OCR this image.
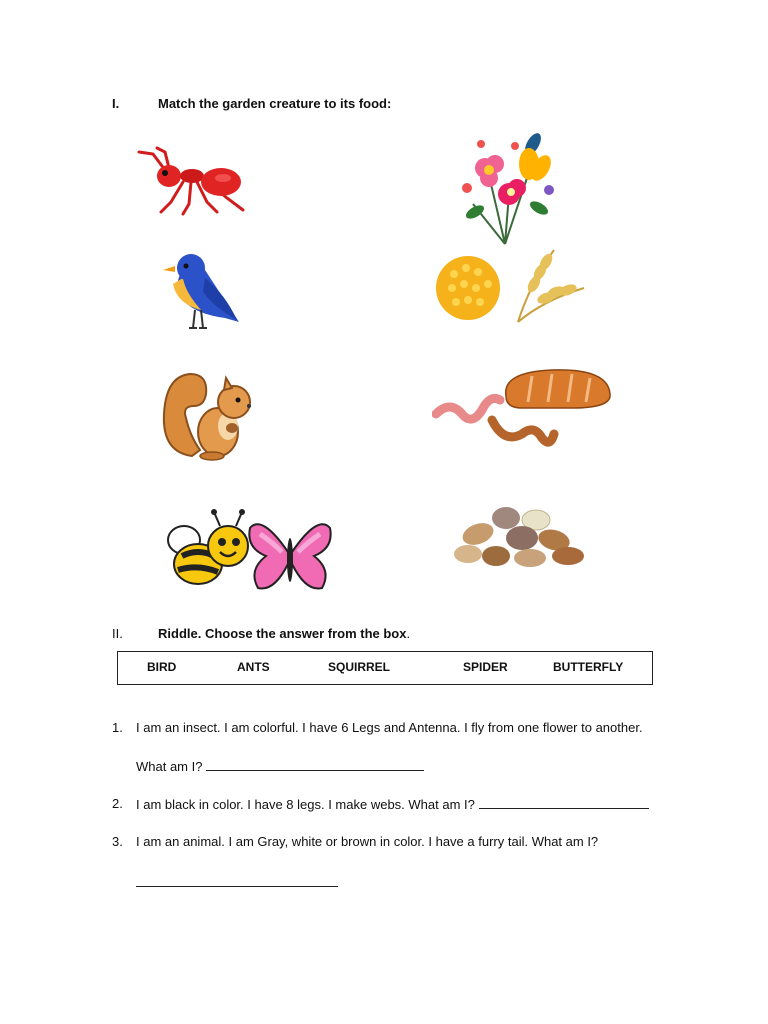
I.	Match the garden creature to its food:
II.	Riddle. Choose the answer from the box.
BIRD	ANTS	SQUIRREL	SPIDER	BUTTERFLY
1. I am an insect. I am colorful. I have 6 Legs and Antenna. I fly from one flower to another.
What am I?
2. I am black in color. I have 8 legs. I make webs. What am I?
3. I am an animal. I am Gray, white or brown in color. I have a furry tail. What am I?
